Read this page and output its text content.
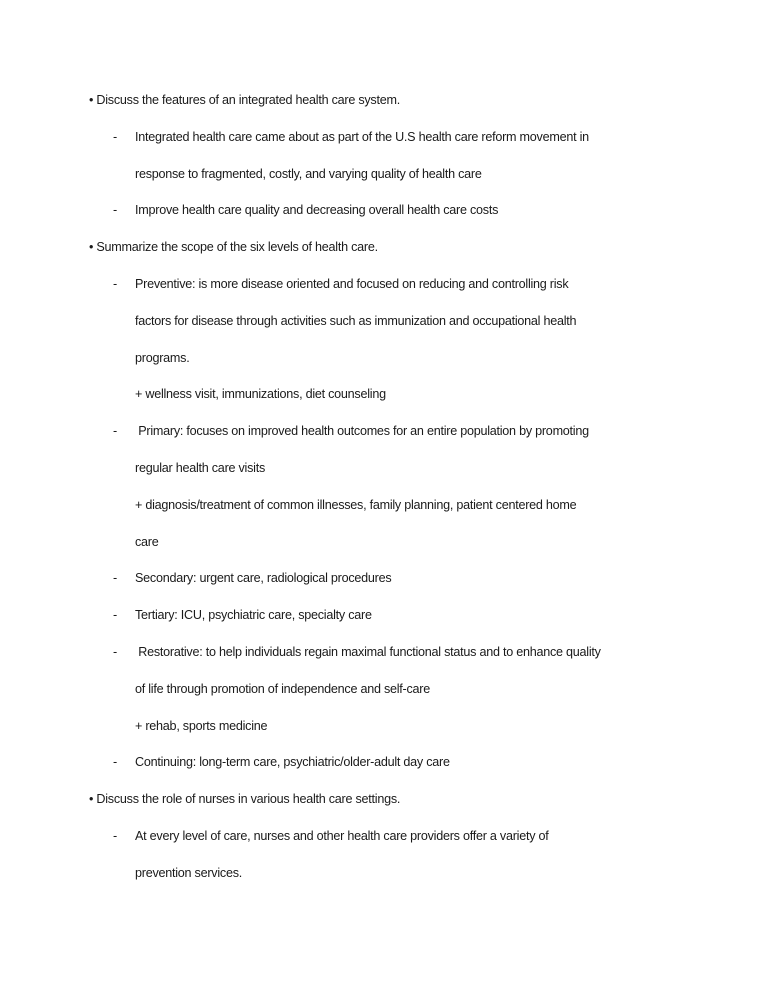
• Discuss the features of an integrated health care system.
- Integrated health care came about as part of the U.S health care reform movement in
response to fragmented, costly, and varying quality of health care
- Improve health care quality and decreasing overall health care costs
• Summarize the scope of the six levels of health care.
- Preventive: is more disease oriented and focused on reducing and controlling risk
factors for disease through activities such as immunization and occupational health
programs.
+ wellness visit, immunizations, diet counseling
- Primary: focuses on improved health outcomes for an entire population by promoting
regular health care visits
+ diagnosis/treatment of common illnesses, family planning, patient centered home
care
- Secondary: urgent care, radiological procedures
- Tertiary: ICU, psychiatric care, specialty care
- Restorative: to help individuals regain maximal functional status and to enhance quality
of life through promotion of independence and self-care
+ rehab, sports medicine
- Continuing: long-term care, psychiatric/older-adult day care
• Discuss the role of nurses in various health care settings.
- At every level of care, nurses and other health care providers offer a variety of
prevention services.
